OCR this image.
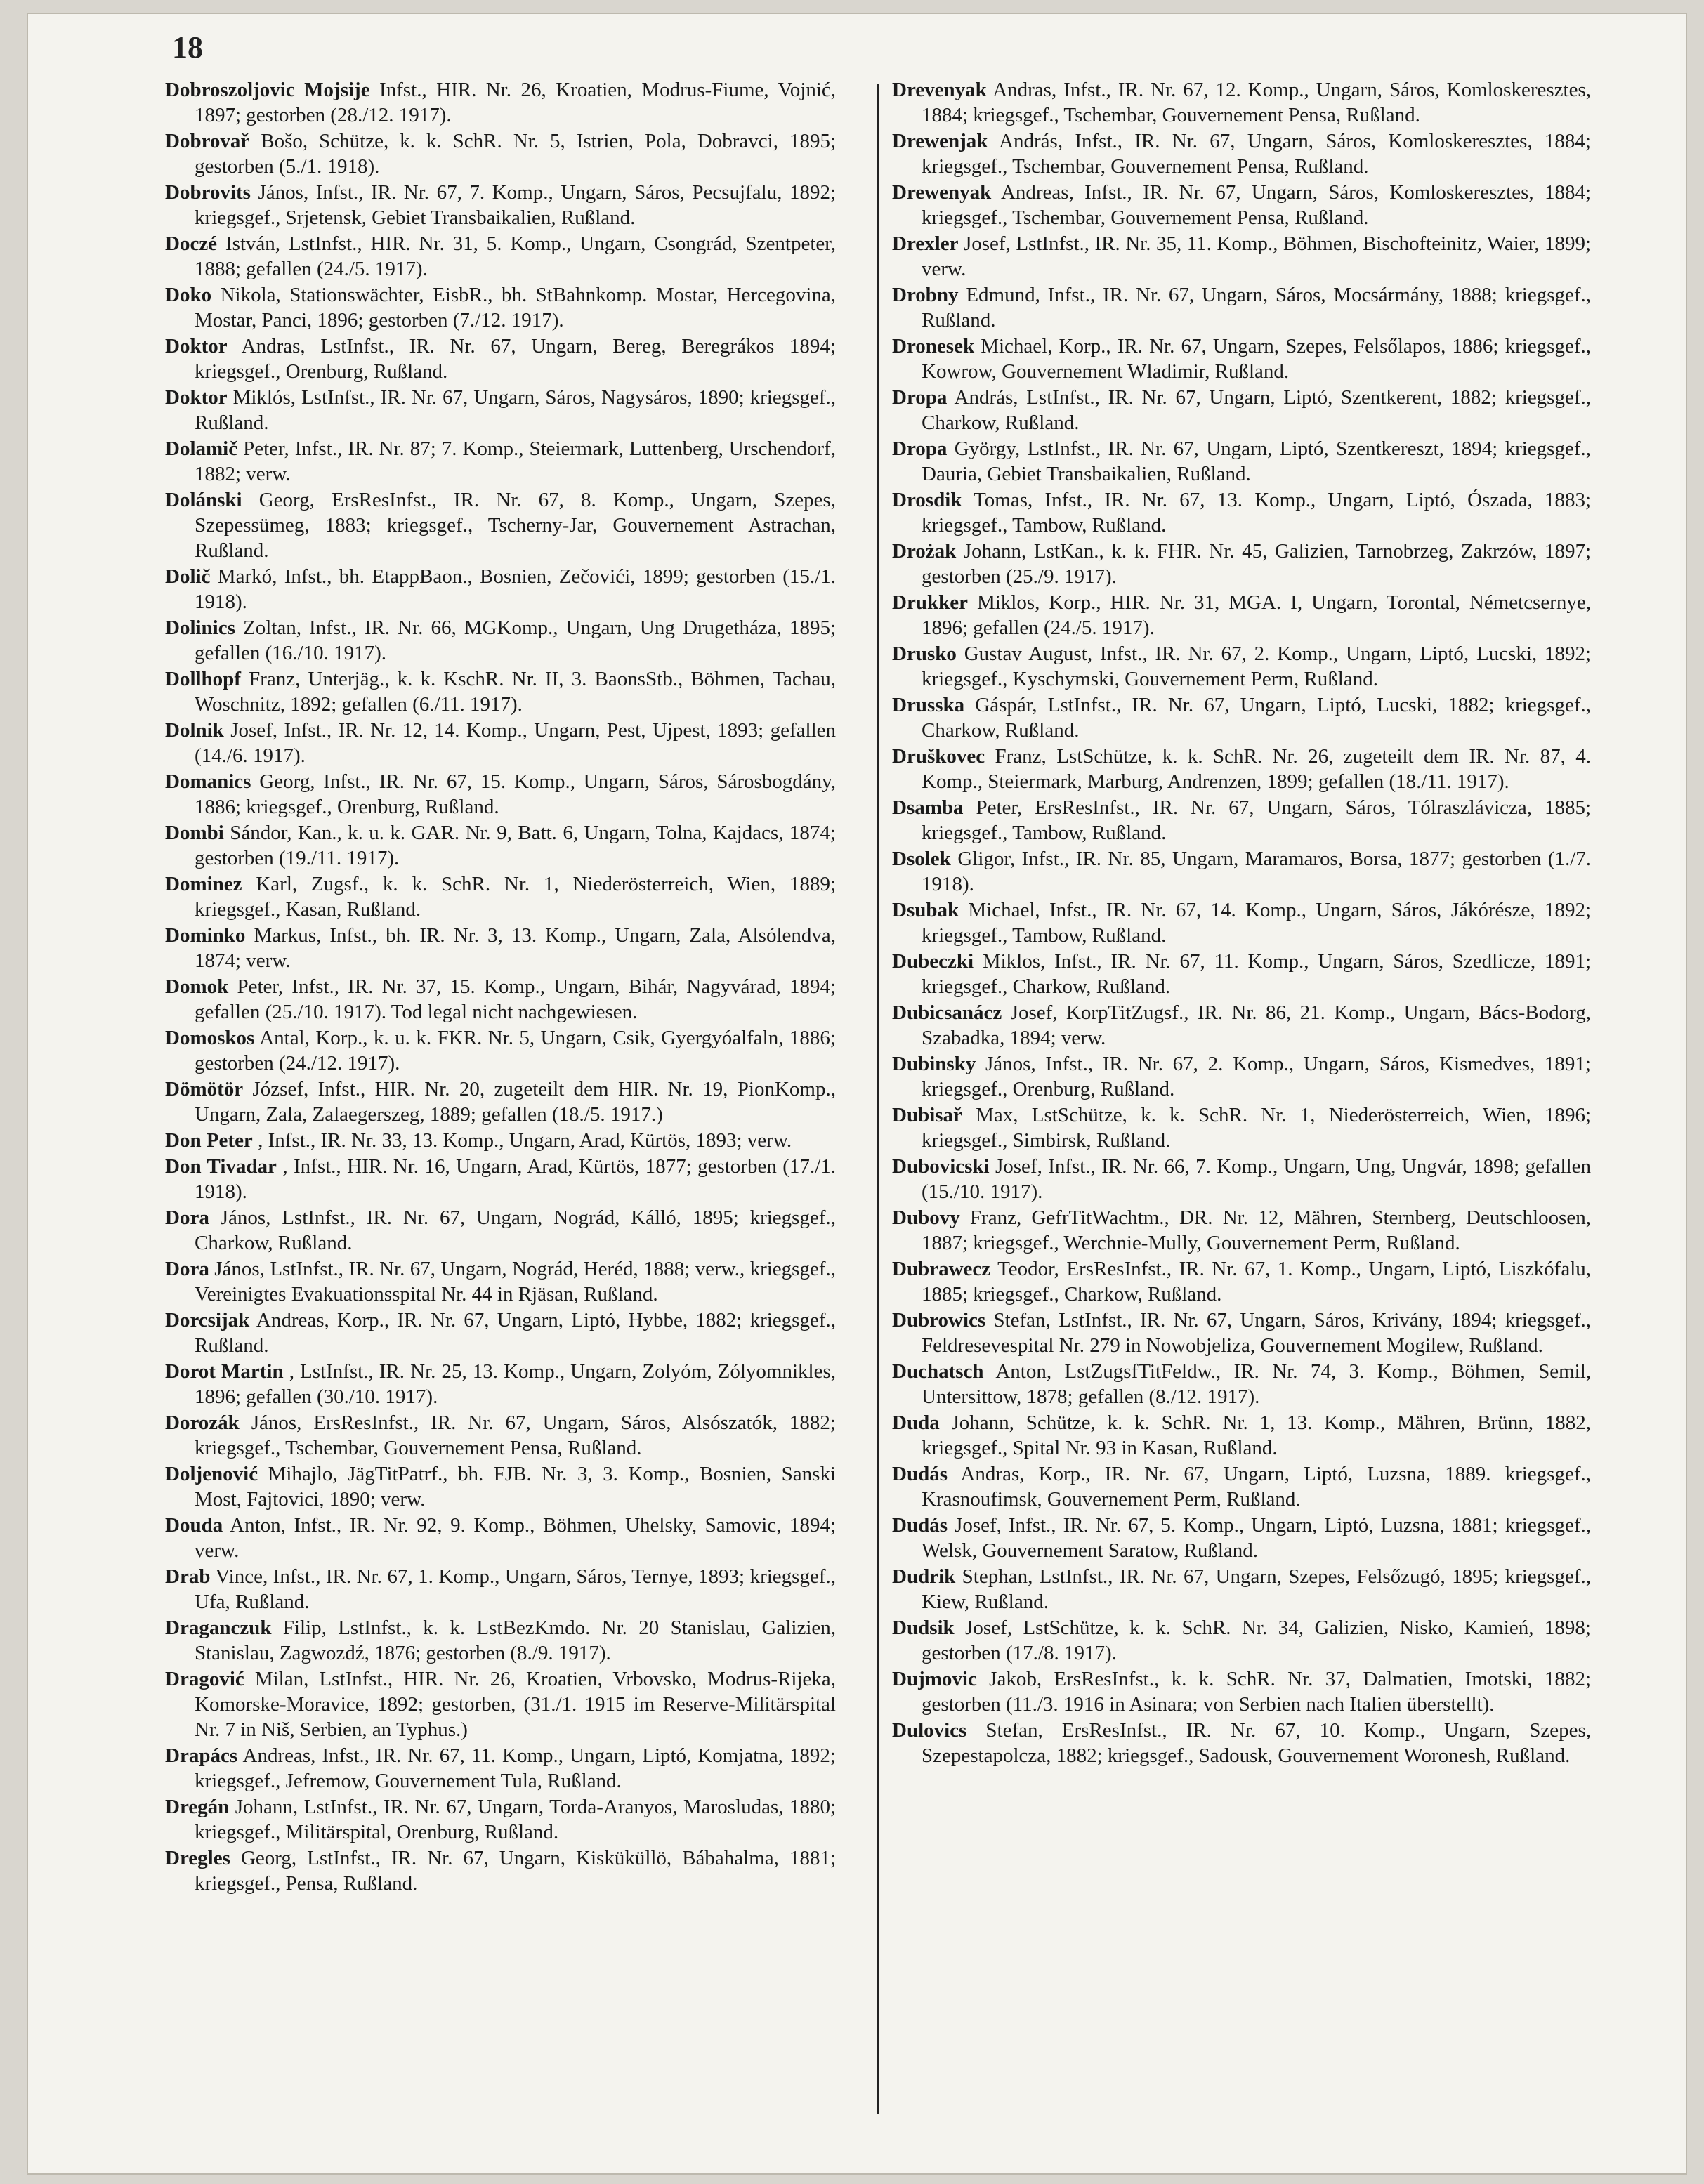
18

Dobroszoljovic Mojsije Infst., HIR. Nr. 26, Kroatien, Modrus-Fiume, Vojnić, 1897; gestorben (28./12. 1917).

Dobrovař Bošo, Schütze, k. k. SchR. Nr. 5, Istrien, Pola, Dobravci, 1895; gestorben (5./1. 1918).

Dobrovits János, Infst., IR. Nr. 67, 7. Komp., Ungarn, Sáros, Pecsujfalu, 1892; kriegsgef., Srjetensk, Gebiet Transbaikalien, Rußland.

Doczé István, LstInfst., HIR. Nr. 31, 5. Komp., Ungarn, Csongrád, Szentpeter, 1888; gefallen (24./5. 1917).

Doko Nikola, Stationswächter, EisbR., bh. StBahnkomp. Mostar, Hercegovina, Mostar, Panci, 1896; gestorben (7./12. 1917).

Doktor Andras, LstInfst., IR. Nr. 67, Ungarn, Bereg, Beregrákos 1894; kriegsgef., Orenburg, Rußland.

Doktor Miklós, LstInfst., IR. Nr. 67, Ungarn, Sáros, Nagysáros, 1890; kriegsgef., Rußland.

Dolamič Peter, Infst., IR. Nr. 87; 7. Komp., Steiermark, Luttenberg, Urschendorf, 1882; verw.

Dolánski Georg, ErsResInfst., IR. Nr. 67, 8. Komp., Ungarn, Szepes, Szepessümeg, 1883; kriegsgef., Tscherny-Jar, Gouvernement Astrachan, Rußland.

Dolič Markó, Infst., bh. EtappBaon., Bosnien, Zečovići, 1899; gestorben (15./1. 1918).

Dolinics Zoltan, Infst., IR. Nr. 66, MGKomp., Ungarn, Ung Drugetháza, 1895; gefallen (16./10. 1917).

Dollhopf Franz, Unterjäg., k. k. KschR. Nr. II, 3. BaonsStb., Böhmen, Tachau, Woschnitz, 1892; gefallen (6./11. 1917).

Dolnik Josef, Infst., IR. Nr. 12, 14. Komp., Ungarn, Pest, Ujpest, 1893; gefallen (14./6. 1917).

Domanics Georg, Infst., IR. Nr. 67, 15. Komp., Ungarn, Sáros, Sárosbogdány, 1886; kriegsgef., Orenburg, Rußland.

Dombi Sándor, Kan., k. u. k. GAR. Nr. 9, Batt. 6, Ungarn, Tolna, Kajdacs, 1874; gestorben (19./11. 1917).

Dominez Karl, Zugsf., k. k. SchR. Nr. 1, Niederösterreich, Wien, 1889; kriegsgef., Kasan, Rußland.

Dominko Markus, Infst., bh. IR. Nr. 3, 13. Komp., Ungarn, Zala, Alsólendva, 1874; verw.

Domok Peter, Infst., IR. Nr. 37, 15. Komp., Ungarn, Bihár, Nagyvárad, 1894; gefallen (25./10. 1917). Tod legal nicht nachgewiesen.

Domoskos Antal, Korp., k. u. k. FKR. Nr. 5, Ungarn, Csik, Gyergyóalfaln, 1886; gestorben (24./12. 1917).

Dömötör József, Infst., HIR. Nr. 20, zugeteilt dem HIR. Nr. 19, PionKomp., Ungarn, Zala, Zalaegerszeg, 1889; gefallen (18./5. 1917.)

Don Peter , Infst., IR. Nr. 33, 13. Komp., Ungarn, Arad, Kürtös, 1893; verw.

Don Tivadar , Infst., HIR. Nr. 16, Ungarn, Arad, Kürtös, 1877; gestorben (17./1. 1918).

Dora János, LstInfst., IR. Nr. 67, Ungarn, Nográd, Kálló, 1895; kriegsgef., Charkow, Rußland.

Dora János, LstInfst., IR. Nr. 67, Ungarn, Nográd, Heréd, 1888; verw., kriegsgef., Vereinigtes Evakuationsspital Nr. 44 in Rjäsan, Rußland.

Dorcsijak Andreas, Korp., IR. Nr. 67, Ungarn, Liptó, Hybbe, 1882; kriegsgef., Rußland.

Dorot Martin , LstInfst., IR. Nr. 25, 13. Komp., Ungarn, Zolyóm, Zólyomnikles, 1896; gefallen (30./10. 1917).

Dorozák János, ErsResInfst., IR. Nr. 67, Ungarn, Sáros, Alsószatók, 1882; kriegsgef., Tschembar, Gouvernement Pensa, Rußland.

Doljenović Mihajlo, JägTitPatrf., bh. FJB. Nr. 3, 3. Komp., Bosnien, Sanski Most, Fajtovici, 1890; verw.

Douda Anton, Infst., IR. Nr. 92, 9. Komp., Böhmen, Uhelsky, Samovic, 1894; verw.

Drab Vince, Infst., IR. Nr. 67, 1. Komp., Ungarn, Sáros, Ternye, 1893; kriegsgef., Ufa, Rußland.

Draganczuk Filip, LstInfst., k. k. LstBezKmdo. Nr. 20 Stanislau, Galizien, Stanislau, Zagwozdź, 1876; gestorben (8./9. 1917).

Dragović Milan, LstInfst., HIR. Nr. 26, Kroatien, Vrbovsko, Modrus-Rijeka, Komorske-Moravice, 1892; gestorben, (31./1. 1915 im Reserve-Militärspital Nr. 7 in Niš, Serbien, an Typhus.)

Drapács Andreas, Infst., IR. Nr. 67, 11. Komp., Ungarn, Liptó, Komjatna, 1892; kriegsgef., Jefremow, Gouvernement Tula, Rußland.

Dregán Johann, LstInfst., IR. Nr. 67, Ungarn, Torda-Aranyos, Marosludas, 1880; kriegsgef., Militärspital, Orenburg, Rußland.

Dregles Georg, LstInfst., IR. Nr. 67, Ungarn, Kisküküllö, Bábahalma, 1881; kriegsgef., Pensa, Rußland.

Drevenyak Andras, Infst., IR. Nr. 67, 12. Komp., Ungarn, Sáros, Komloskeresztes, 1884; kriegsgef., Tschembar, Gouvernement Pensa, Rußland.

Drewenjak András, Infst., IR. Nr. 67, Ungarn, Sáros, Komloskeresztes, 1884; kriegsgef., Tschembar, Gouvernement Pensa, Rußland.

Drewenyak Andreas, Infst., IR. Nr. 67, Ungarn, Sáros, Komloskeresztes, 1884; kriegsgef., Tschembar, Gouvernement Pensa, Rußland.

Drexler Josef, LstInfst., IR. Nr. 35, 11. Komp., Böhmen, Bischofteinitz, Waier, 1899; verw.

Drobny Edmund, Infst., IR. Nr. 67, Ungarn, Sáros, Mocsármány, 1888; kriegsgef., Rußland.

Dronesek Michael, Korp., IR. Nr. 67, Ungarn, Szepes, Felsőlapos, 1886; kriegsgef., Kowrow, Gouvernement Wladimir, Rußland.

Dropa András, LstInfst., IR. Nr. 67, Ungarn, Liptó, Szentkerent, 1882; kriegsgef., Charkow, Rußland.

Dropa György, LstInfst., IR. Nr. 67, Ungarn, Liptó, Szentkereszt, 1894; kriegsgef., Dauria, Gebiet Transbaikalien, Rußland.

Drosdik Tomas, Infst., IR. Nr. 67, 13. Komp., Ungarn, Liptó, Ószada, 1883; kriegsgef., Tambow, Rußland.

Drożak Johann, LstKan., k. k. FHR. Nr. 45, Galizien, Tarnobrzeg, Zakrzów, 1897; gestorben (25./9. 1917).

Drukker Miklos, Korp., HIR. Nr. 31, MGA. I, Ungarn, Torontal, Németcsernye, 1896; gefallen (24./5. 1917).

Drusko Gustav August, Infst., IR. Nr. 67, 2. Komp., Ungarn, Liptó, Lucski, 1892; kriegsgef., Kyschymski, Gouvernement Perm, Rußland.

Drusska Gáspár, LstInfst., IR. Nr. 67, Ungarn, Liptó, Lucski, 1882; kriegsgef., Charkow, Rußland.

Druškovec Franz, LstSchütze, k. k. SchR. Nr. 26, zugeteilt dem IR. Nr. 87, 4. Komp., Steiermark, Marburg, Andrenzen, 1899; gefallen (18./11. 1917).

Dsamba Peter, ErsResInfst., IR. Nr. 67, Ungarn, Sáros, Tólraszlávicza, 1885; kriegsgef., Tambow, Rußland.

Dsolek Gligor, Infst., IR. Nr. 85, Ungarn, Maramaros, Borsa, 1877; gestorben (1./7. 1918).

Dsubak Michael, Infst., IR. Nr. 67, 14. Komp., Ungarn, Sáros, Jákórésze, 1892; kriegsgef., Tambow, Rußland.

Dubeczki Miklos, Infst., IR. Nr. 67, 11. Komp., Ungarn, Sáros, Szedlicze, 1891; kriegsgef., Charkow, Rußland.

Dubicsanácz Josef, KorpTitZugsf., IR. Nr. 86, 21. Komp., Ungarn, Bács-Bodorg, Szabadka, 1894; verw.

Dubinsky János, Infst., IR. Nr. 67, 2. Komp., Ungarn, Sáros, Kismedves, 1891; kriegsgef., Orenburg, Rußland.

Dubisař Max, LstSchütze, k. k. SchR. Nr. 1, Niederösterreich, Wien, 1896; kriegsgef., Simbirsk, Rußland.

Dubovicski Josef, Infst., IR. Nr. 66, 7. Komp., Ungarn, Ung, Ungvár, 1898; gefallen (15./10. 1917).

Dubovy Franz, GefrTitWachtm., DR. Nr. 12, Mähren, Sternberg, Deutschloosen, 1887; kriegsgef., Werchnie-Mully, Gouvernement Perm, Rußland.

Dubrawecz Teodor, ErsResInfst., IR. Nr. 67, 1. Komp., Ungarn, Liptó, Liszkófalu, 1885; kriegsgef., Charkow, Rußland.

Dubrowics Stefan, LstInfst., IR. Nr. 67, Ungarn, Sáros, Krivány, 1894; kriegsgef., Feldresevespital Nr. 279 in Nowobjeliza, Gouvernement Mogilew, Rußland.

Duchatsch Anton, LstZugsfTitFeldw., IR. Nr. 74, 3. Komp., Böhmen, Semil, Untersittow, 1878; gefallen (8./12. 1917).

Duda Johann, Schütze, k. k. SchR. Nr. 1, 13. Komp., Mähren, Brünn, 1882, kriegsgef., Spital Nr. 93 in Kasan, Rußland.

Dudás Andras, Korp., IR. Nr. 67, Ungarn, Liptó, Luzsna, 1889. kriegsgef., Krasnoufimsk, Gouvernement Perm, Rußland.

Dudás Josef, Infst., IR. Nr. 67, 5. Komp., Ungarn, Liptó, Luzsna, 1881; kriegsgef., Welsk, Gouvernement Saratow, Rußland.

Dudrik Stephan, LstInfst., IR. Nr. 67, Ungarn, Szepes, Felsőzugó, 1895; kriegsgef., Kiew, Rußland.

Dudsik Josef, LstSchütze, k. k. SchR. Nr. 34, Galizien, Nisko, Kamień, 1898; gestorben (17./8. 1917).

Dujmovic Jakob, ErsResInfst., k. k. SchR. Nr. 37, Dalmatien, Imotski, 1882; gestorben (11./3. 1916 in Asinara; von Serbien nach Italien überstellt).

Dulovics Stefan, ErsResInfst., IR. Nr. 67, 10. Komp., Ungarn, Szepes, Szepestapolcza, 1882; kriegsgef., Sadousk, Gouvernement Woronesh, Rußland.
